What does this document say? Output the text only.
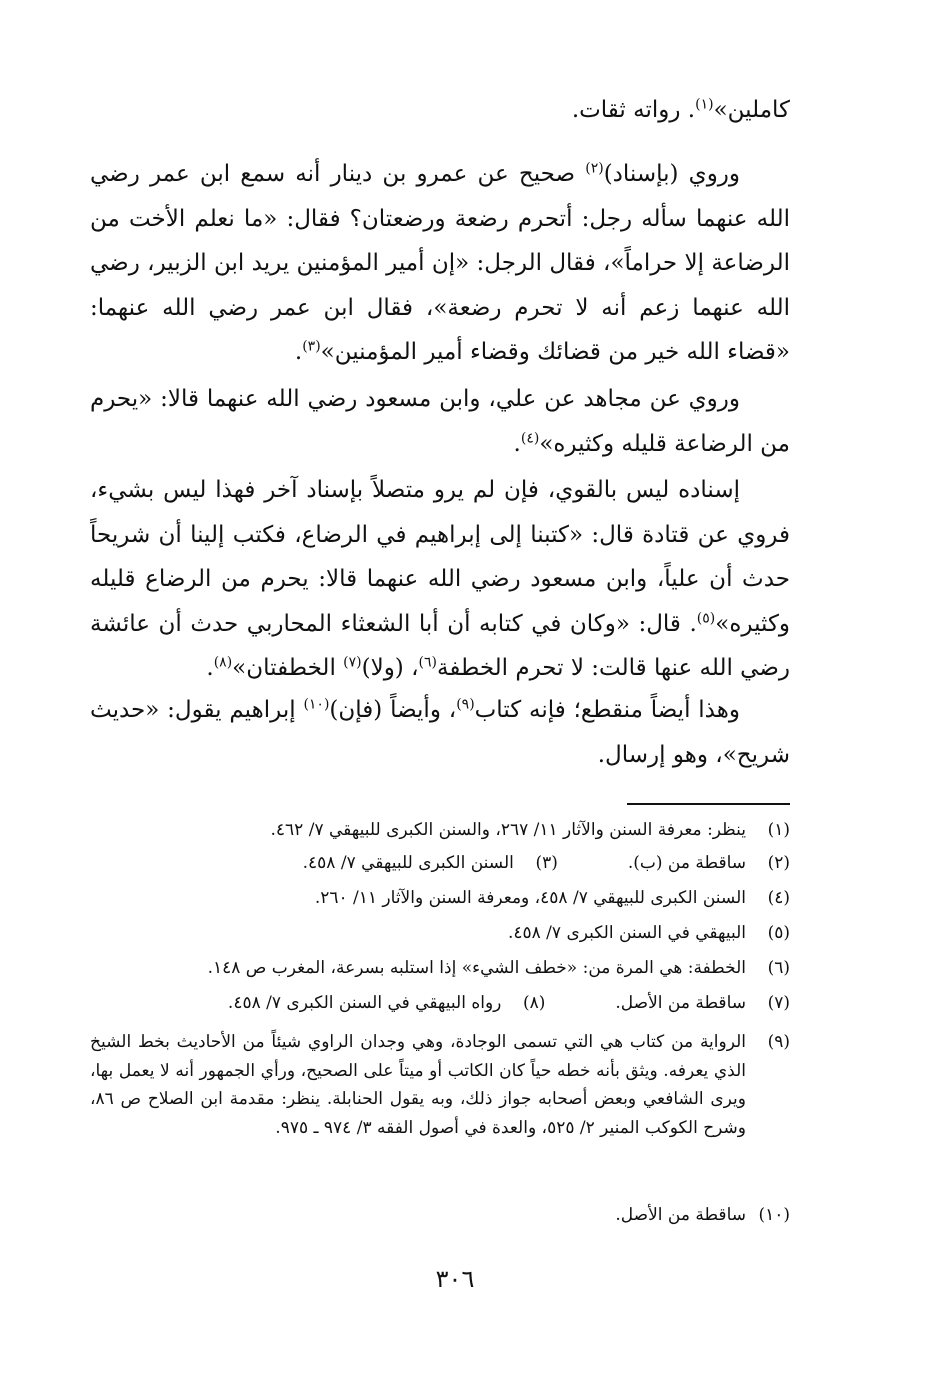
كاملين»$^{(١)}$. رواته ثقات.

وروي (بإسناد)$^{(٢)}$ صحيح عن عمرو بن دينار أنه سمع ابن عمر رضي الله عنهما سأله رجل: أتحرم رضعة ورضعتان؟ فقال: «ما نعلم الأخت من الرضاعة إلا حراماً»، فقال الرجل: «إن أمير المؤمنين يريد ابن الزبير، رضي الله عنهما زعم أنه لا تحرم رضعة»، فقال ابن عمر رضي الله عنهما: «قضاء الله خير من قضائك وقضاء أمير المؤمنين»$^{(٣)}$.

وروي عن مجاهد عن علي، وابن مسعود رضي الله عنهما قالا: «يحرم من الرضاعة قليله وكثيره»$^{(٤)}$.

إسناده ليس بالقوي، فإن لم يرو متصلاً بإسناد آخر فهذا ليس بشيء، فروي عن قتادة قال: «كتبنا إلى إبراهيم في الرضاع، فكتب إلينا أن شريحاً حدث أن علياً، وابن مسعود رضي الله عنهما قالا: يحرم من الرضاع قليله وكثيره»$^{(٥)}$. قال: «وكان في كتابه أن أبا الشعثاء المحاربي حدث أن عائشة رضي الله عنها قالت: لا تحرم الخطفة$^{(٦)}$، (ولا)$^{(٧)}$ الخطفتان»$^{(٨)}$.

وهذا أيضاً منقطع؛ فإنه كتاب$^{(٩)}$، وأيضاً (فإن)$^{(١٠)}$ إبراهيم يقول: «حديث شريح»، وهو إرسال.

(١)ينظر: معرفة السنن والآثار ١١/ ٢٦٧، والسنن الكبرى للبيهقي ٧/ ٤٦٢.
(٢)ساقطة من (ب).(٣)السنن الكبرى للبيهقي ٧/ ٤٥٨.
(٤)السنن الكبرى للبيهقي ٧/ ٤٥٨، ومعرفة السنن والآثار ١١/ ٢٦٠.
(٥)البيهقي في السنن الكبرى ٧/ ٤٥٨.
(٦)الخطفة: هي المرة من: «خطف الشيء» إذا استلبه بسرعة، المغرب ص ١٤٨.
(٧)ساقطة من الأصل.(٨)رواه البيهقي في السنن الكبرى ٧/ ٤٥٨.
(٩)الرواية من كتاب هي التي تسمى الوجادة، وهي وجدان الراوي شيئاً من الأحاديث بخط الشيخ الذي يعرفه. ويثق بأنه خطه حياً كان الكاتب أو ميتاً على الصحيح، ورأي الجمهور أنه لا يعمل بها، ويرى الشافعي وبعض أصحابه جواز ذلك، وبه يقول الحنابلة. ينظر: مقدمة ابن الصلاح ص ٨٦، وشرح الكوكب المنير ٢/ ٥٢٥، والعدة في أصول الفقه ٣/ ٩٧٤ ـ ٩٧٥.
(١٠)ساقطة من الأصل.
٣٠٦
